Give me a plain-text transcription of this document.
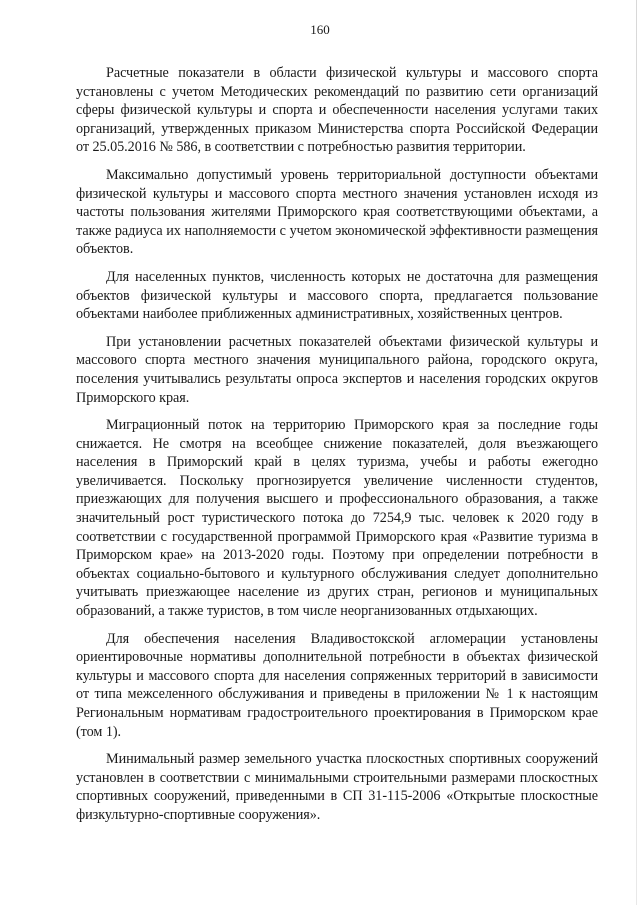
160

Расчетные показатели в области физической культуры и массового спорта установлены с учетом Методических рекомендаций по развитию сети организаций сферы физической культуры и спорта и обеспеченности населения услугами таких организаций, утвержденных приказом Министерства спорта Российской Федерации от 25.05.2016 № 586, в соответствии с потребностью развития территории.

Максимально допустимый уровень территориальной доступности объектами физической культуры и массового спорта местного значения установлен исходя из частоты пользования жителями Приморского края соответствующими объектами, а также радиуса их наполняемости с учетом экономической эффективности размещения объектов.

Для населенных пунктов, численность которых не достаточна для размещения объектов физической культуры и массового спорта, предлагается пользование объектами наиболее приближенных административных, хозяйственных центров.

При установлении расчетных показателей объектами физической культуры и массового спорта местного значения муниципального района, городского округа, поселения учитывались результаты опроса экспертов и населения городских округов Приморского края.

Миграционный поток на территорию Приморского края за последние годы снижается. Не смотря на всеобщее снижение показателей, доля въезжающего населения в Приморский край в целях туризма, учебы и работы ежегодно увеличивается. Поскольку прогнозируется увеличение численности студентов, приезжающих для получения высшего и профессионального образования, а также значительный рост туристического потока до 7254,9 тыс. человек к 2020 году в соответствии с государственной программой Приморского края «Развитие туризма в Приморском крае» на 2013-2020 годы. Поэтому при определении потребности в объектах социально-бытового и культурного обслуживания следует дополнительно учитывать приезжающее население из других стран, регионов и муниципальных образований, а также туристов, в том числе неорганизованных отдыхающих.

Для обеспечения населения Владивостокской агломерации установлены ориентировочные нормативы дополнительной потребности в объектах физической культуры и массового спорта для населения сопряженных территорий в зависимости от типа межселенного обслуживания и приведены в приложении № 1 к настоящим Региональным нормативам градостроительного проектирования в Приморском крае (том 1).

Минимальный размер земельного участка плоскостных спортивных сооружений установлен в соответствии с минимальными строительными размерами плоскостных спортивных сооружений, приведенными в СП 31-115-2006 «Открытые плоскостные физкультурно-спортивные сооружения».
